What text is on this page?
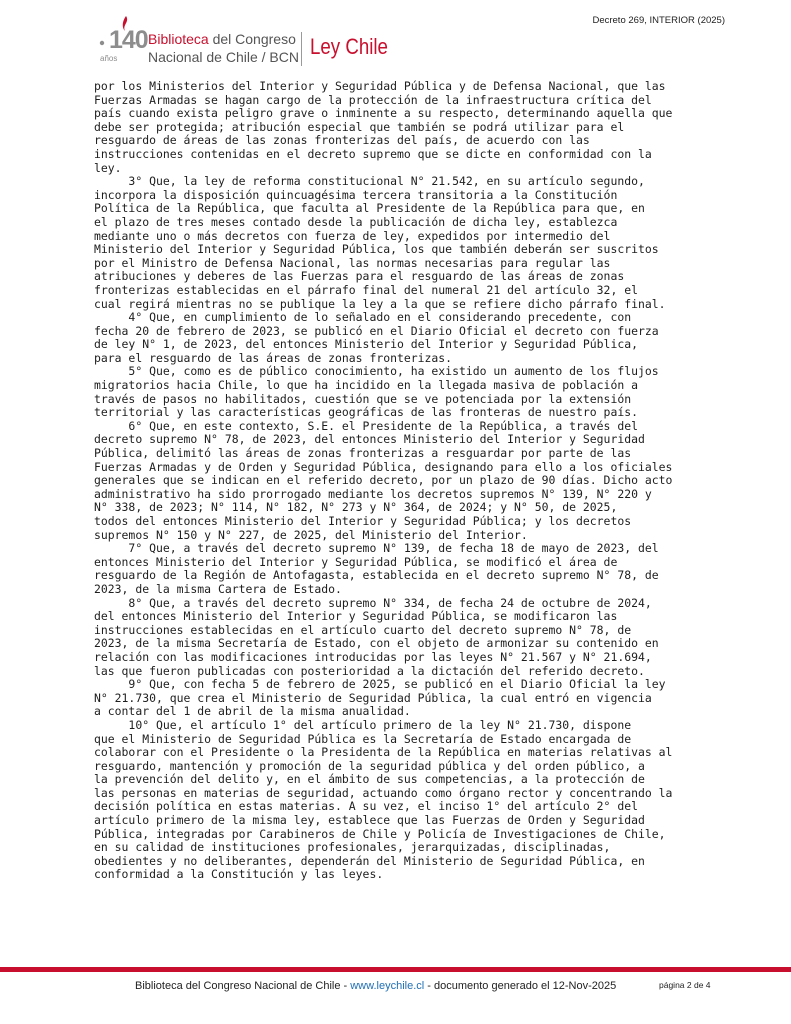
Decreto 269, INTERIOR (2025)
140
años
Biblioteca del Congreso
Nacional de Chile / BCN Ley Chile

por los Ministerios del Interior y Seguridad Pública y de Defensa Nacional, que las

Fuerzas Armadas se hagan cargo de la protección de la infraestructura crítica del

país cuando exista peligro grave o inminente a su respecto, determinando aquella que

debe ser protegida; atribución especial que también se podrá utilizar para el

resguardo de áreas de las zonas fronterizas del país, de acuerdo con las

instrucciones contenidas en el decreto supremo que se dicte en conformidad con la

ley.

3° Que, la ley de reforma constitucional N° 21.542, en su artículo segundo,

incorpora la disposición quincuagésima tercera transitoria a la Constitución

Política de la República, que faculta al Presidente de la República para que, en

el plazo de tres meses contado desde la publicación de dicha ley, establezca

mediante uno o más decretos con fuerza de ley, expedidos por intermedio del

Ministerio del Interior y Seguridad Pública, los que también deberán ser suscritos

por el Ministro de Defensa Nacional, las normas necesarias para regular las

atribuciones y deberes de las Fuerzas para el resguardo de las áreas de zonas

fronterizas establecidas en el párrafo final del numeral 21 del artículo 32, el

cual regirá mientras no se publique la ley a la que se refiere dicho párrafo final.

4° Que, en cumplimiento de lo señalado en el considerando precedente, con

fecha 20 de febrero de 2023, se publicó en el Diario Oficial el decreto con fuerza

de ley N° 1, de 2023, del entonces Ministerio del Interior y Seguridad Pública,

para el resguardo de las áreas de zonas fronterizas.

5° Que, como es de público conocimiento, ha existido un aumento de los flujos

migratorios hacia Chile, lo que ha incidido en la llegada masiva de población a

través de pasos no habilitados, cuestión que se ve potenciada por la extensión

territorial y las características geográficas de las fronteras de nuestro país.

6° Que, en este contexto, S.E. el Presidente de la República, a través del

decreto supremo N° 78, de 2023, del entonces Ministerio del Interior y Seguridad

Pública, delimitó las áreas de zonas fronterizas a resguardar por parte de las

Fuerzas Armadas y de Orden y Seguridad Pública, designando para ello a los oficiales

generales que se indican en el referido decreto, por un plazo de 90 días. Dicho acto

administrativo ha sido prorrogado mediante los decretos supremos N° 139, N° 220 y

N° 338, de 2023; N° 114, N° 182, N° 273 y N° 364, de 2024; y N° 50, de 2025,

todos del entonces Ministerio del Interior y Seguridad Pública; y los decretos

supremos N° 150 y N° 227, de 2025, del Ministerio del Interior.

7° Que, a través del decreto supremo N° 139, de fecha 18 de mayo de 2023, del

entonces Ministerio del Interior y Seguridad Pública, se modificó el área de

resguardo de la Región de Antofagasta, establecida en el decreto supremo N° 78, de

2023, de la misma Cartera de Estado.

8° Que, a través del decreto supremo N° 334, de fecha 24 de octubre de 2024,

del entonces Ministerio del Interior y Seguridad Pública, se modificaron las

instrucciones establecidas en el artículo cuarto del decreto supremo N° 78, de

2023, de la misma Secretaría de Estado, con el objeto de armonizar su contenido en

relación con las modificaciones introducidas por las leyes N° 21.567 y N° 21.694,

las que fueron publicadas con posterioridad a la dictación del referido decreto.

9° Que, con fecha 5 de febrero de 2025, se publicó en el Diario Oficial la ley

N° 21.730, que crea el Ministerio de Seguridad Pública, la cual entró en vigencia

a contar del 1 de abril de la misma anualidad.

10° Que, el artículo 1° del artículo primero de la ley N° 21.730, dispone

que el Ministerio de Seguridad Pública es la Secretaría de Estado encargada de

colaborar con el Presidente o la Presidenta de la República en materias relativas al

resguardo, mantención y promoción de la seguridad pública y del orden público, a

la prevención del delito y, en el ámbito de sus competencias, a la protección de

las personas en materias de seguridad, actuando como órgano rector y concentrando la

decisión política en estas materias. A su vez, el inciso 1° del artículo 2° del

artículo primero de la misma ley, establece que las Fuerzas de Orden y Seguridad

Pública, integradas por Carabineros de Chile y Policía de Investigaciones de Chile,

en su calidad de instituciones profesionales, jerarquizadas, disciplinadas,

obedientes y no deliberantes, dependerán del Ministerio de Seguridad Pública, en

conformidad a la Constitución y las leyes.

Biblioteca del Congreso Nacional de Chile - www.leychile.cl - documento generado el 12-Nov-2025	página 2 de 4
